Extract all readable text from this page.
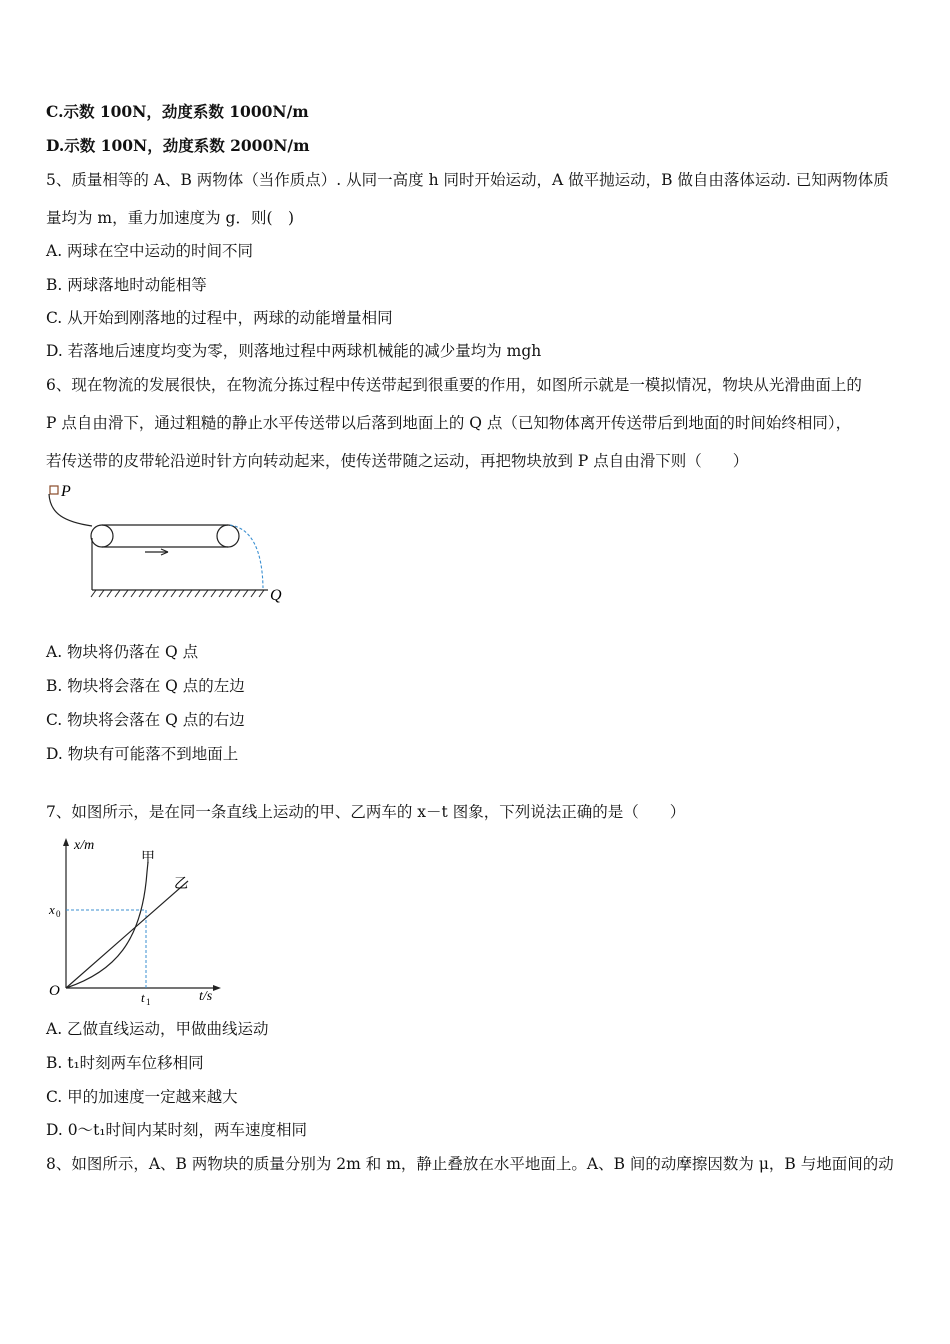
C.示数 100N，劲度系数 1000N/m
D.示数 100N，劲度系数 2000N/m
5、质量相等的 A、B 两物体（当作质点）. 从同一高度 h 同时开始运动，A 做平抛运动，B 做自由落体运动. 已知两物体质
量均为 m，重力加速度为 g．则(　)
A. 两球在空中运动的时间不同
B. 两球落地时动能相等
C. 从开始到刚落地的过程中，两球的动能增量相同
D. 若落地后速度均变为零，则落地过程中两球机械能的减少量均为 mgh
6、现在物流的发展很快，在物流分拣过程中传送带起到很重要的作用，如图所示就是一模拟情况，物块从光滑曲面上的
P 点自由滑下，通过粗糙的静止水平传送带以后落到地面上的 Q 点（已知物体离开传送带后到地面的时间始终相同），
若传送带的皮带轮沿逆时针方向转动起来，使传送带随之运动，再把物块放到 P 点自由滑下则（　　）
P
Q
A. 物块将仍落在 Q 点
B. 物块将会落在 Q 点的左边
C. 物块将会落在 Q 点的右边
D. 物块有可能落不到地面上
7、如图所示，是在同一条直线上运动的甲、乙两车的 x－t 图象，下列说法正确的是（　　）
x/m
t/s
O
x 0
t 1
甲
乙
A. 乙做直线运动，甲做曲线运动
B. t₁时刻两车位移相同
C. 甲的加速度一定越来越大
D. 0～t₁时间内某时刻，两车速度相同
8、如图所示，A、B 两物块的质量分别为 2m 和 m，静止叠放在水平地面上。A、B 间的动摩擦因数为 μ，B 与地面间的动
